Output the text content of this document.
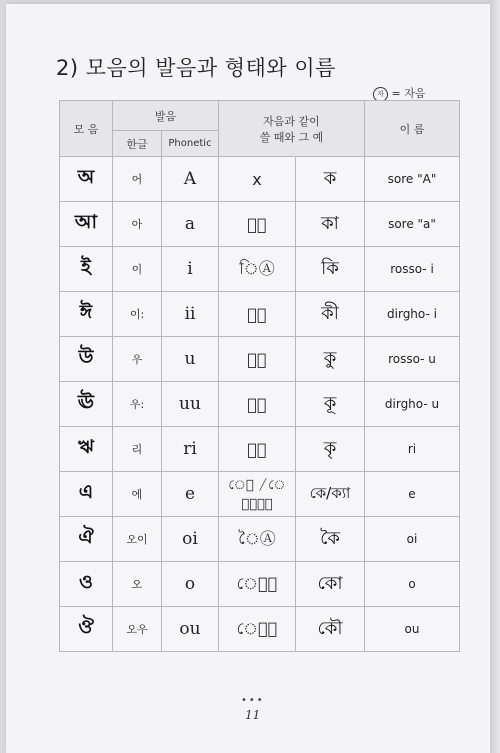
2) 모음의 발음과 형태와 이름
자 = 자음
모 음	발음		자음과 같이
쓸 때와 그 예		이 름
	한글	Phonetic			
অ	어	A	x	ক	sore "A"
আ	아	a	Ⓐা	কা	sore "a"
ই	이	i	িⒶ	কি	rosso- i
ঈ	이:	ii	Ⓐী	কী	dirgho- i
উ	우	u	Ⓐু	কু	rosso- u
ঊ	우:	uu	Ⓐূ	কূ	dirgho- u
ঋ	리	ri	Ⓐৃ	কৃ	ri
এ	에	e	েⒶ /েⒶ্যা	কে/ক্যা	e
ঐ	오이	oi	ৈⒶ	কৈ	oi
ও	오	o	েⒶা	কো	o
ঔ	오우	ou	েⒶৗ	কৌ	ou
•••
11
